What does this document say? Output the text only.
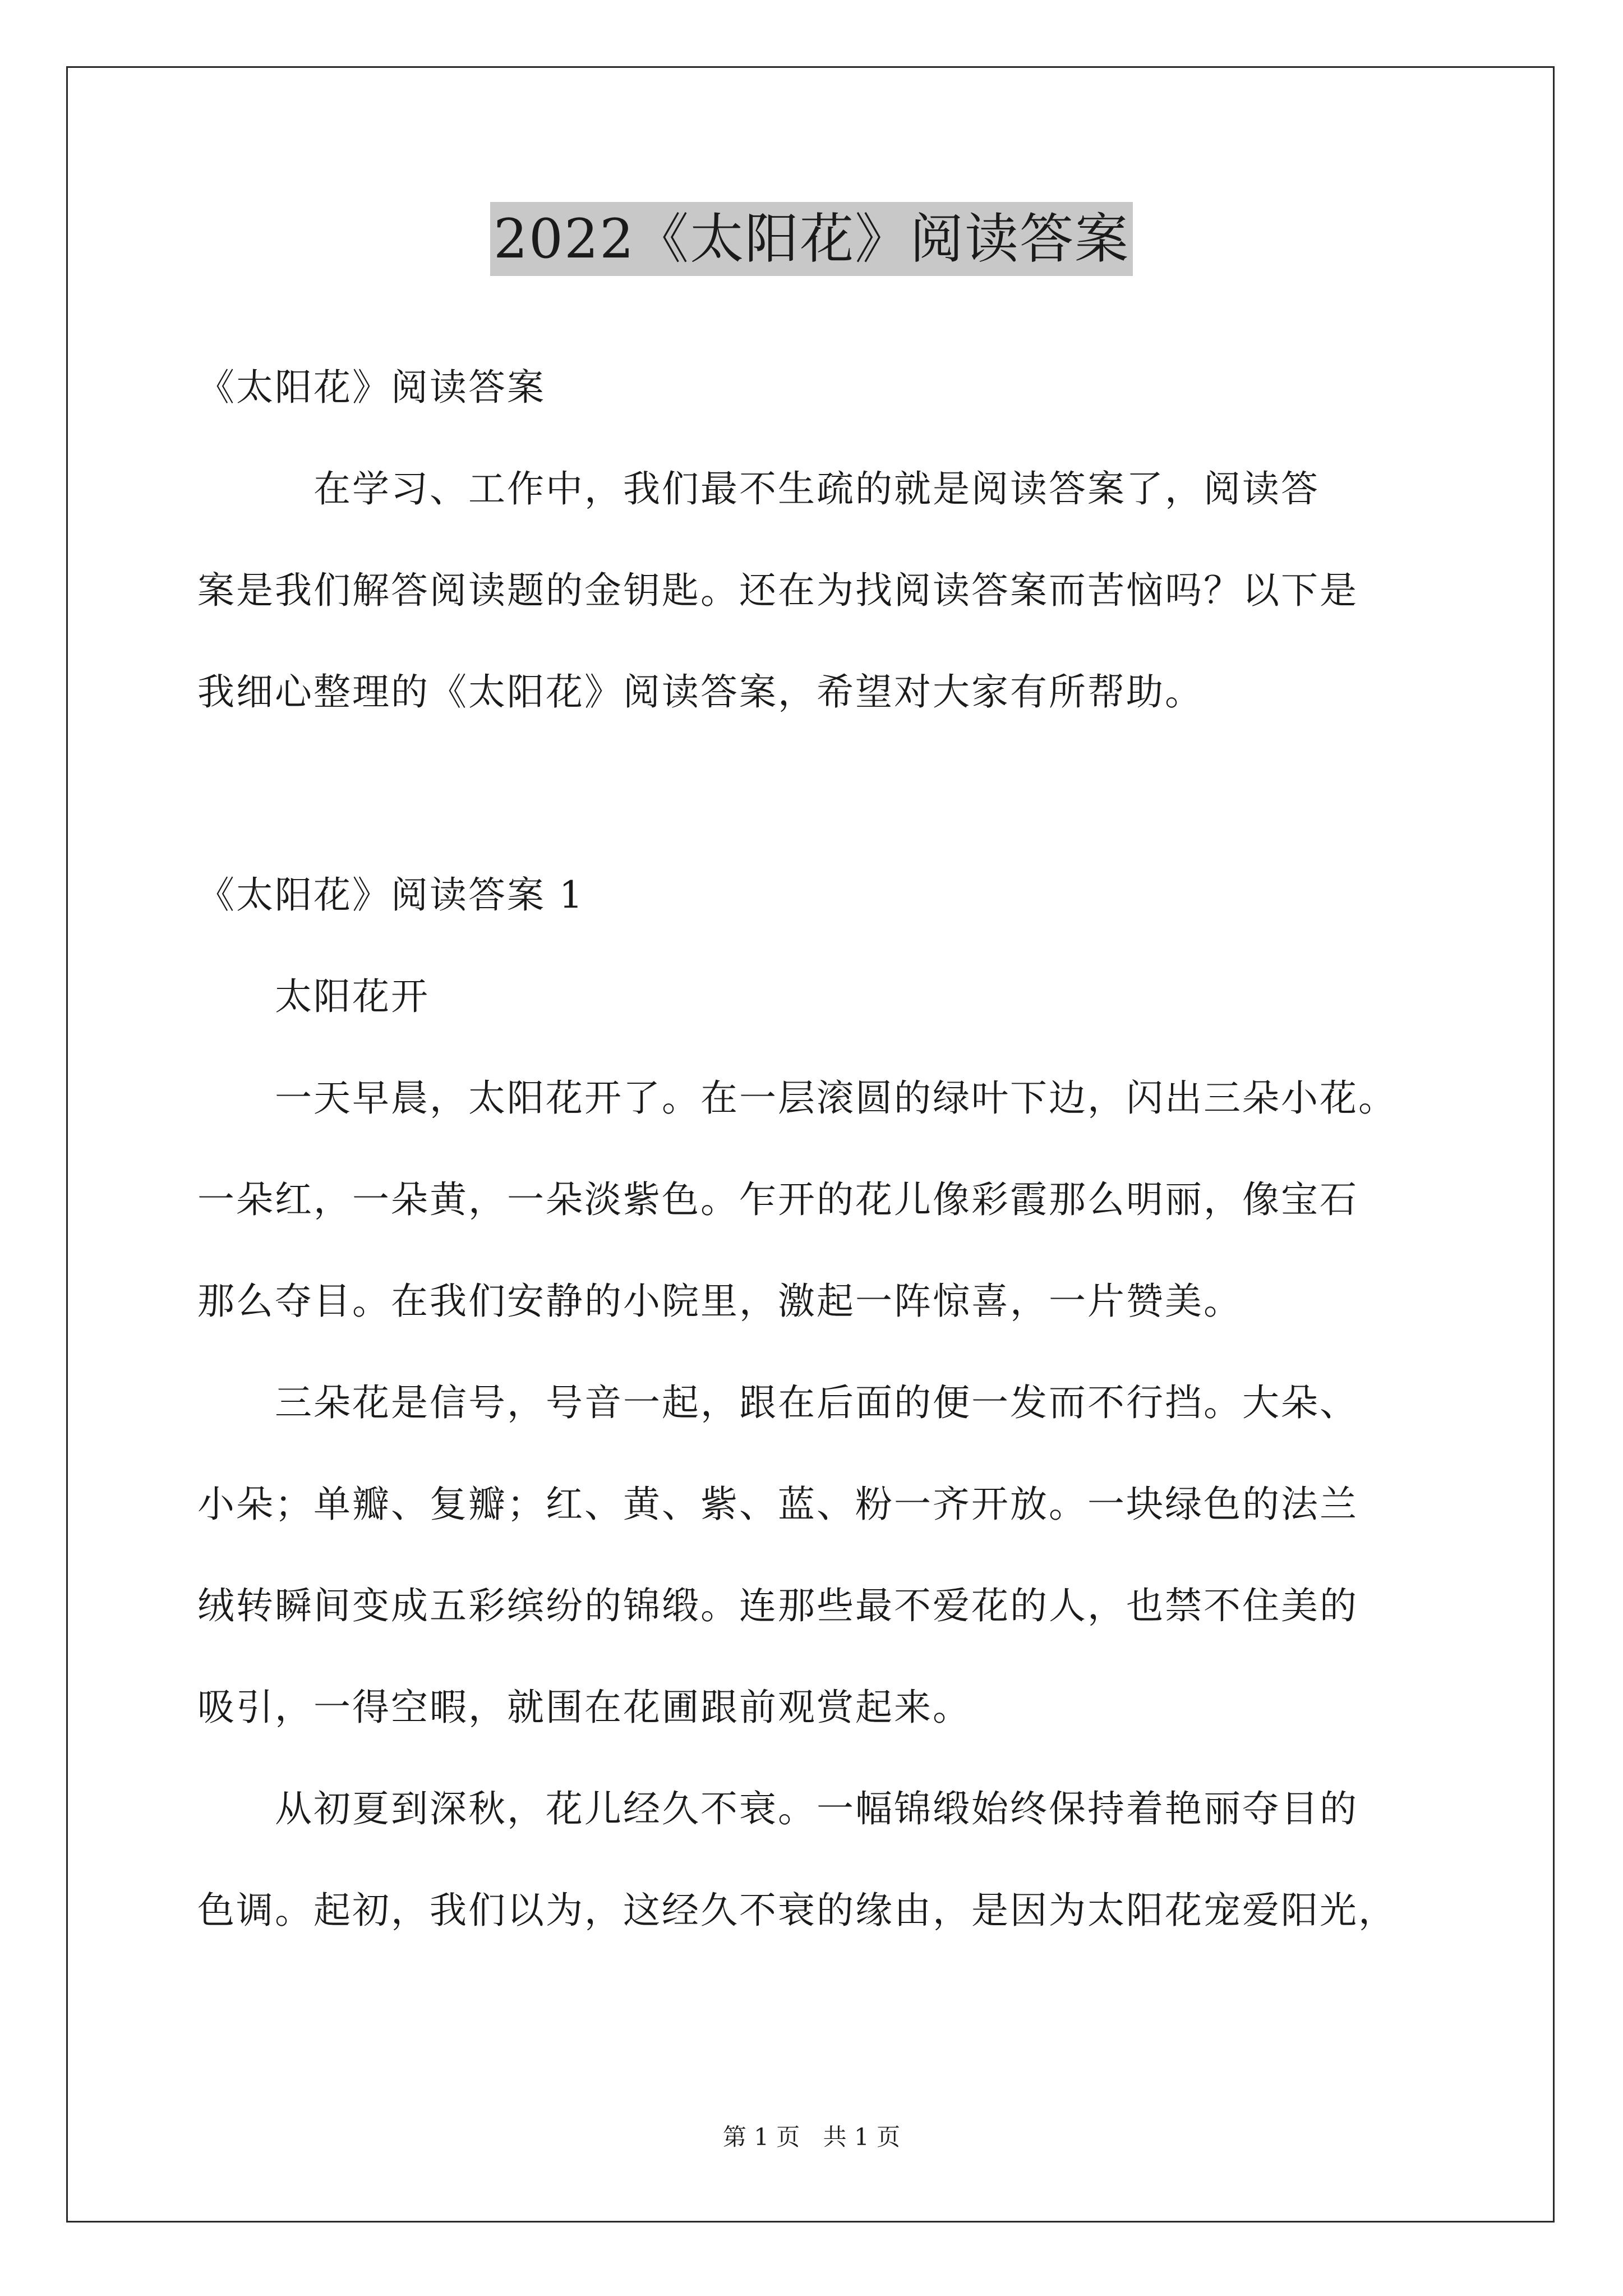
2022《太阳花》阅读答案
《太阳花》阅读答案
　　　在学习、工作中，我们最不生疏的就是阅读答案了，阅读答
案是我们解答阅读题的金钥匙。还在为找阅读答案而苦恼吗？以下是
我细心整理的《太阳花》阅读答案，希望对大家有所帮助。
《太阳花》阅读答案 1
　　太阳花开
　　一天早晨，太阳花开了。在一层滚圆的绿叶下边，闪出三朵小花。
一朵红，一朵黄，一朵淡紫色。乍开的花儿像彩霞那么明丽，像宝石
那么夺目。在我们安静的小院里，激起一阵惊喜，一片赞美。
　　三朵花是信号，号音一起，跟在后面的便一发而不行挡。大朵、
小朵；单瓣、复瓣；红、黄、紫、蓝、粉一齐开放。一块绿色的法兰
绒转瞬间变成五彩缤纷的锦缎。连那些最不爱花的人，也禁不住美的
吸引，一得空暇，就围在花圃跟前观赏起来。
　　从初夏到深秋，花儿经久不衰。一幅锦缎始终保持着艳丽夺目的
色调。起初，我们以为，这经久不衰的缘由，是因为太阳花宠爱阳光，
第 1 页 共 1 页
